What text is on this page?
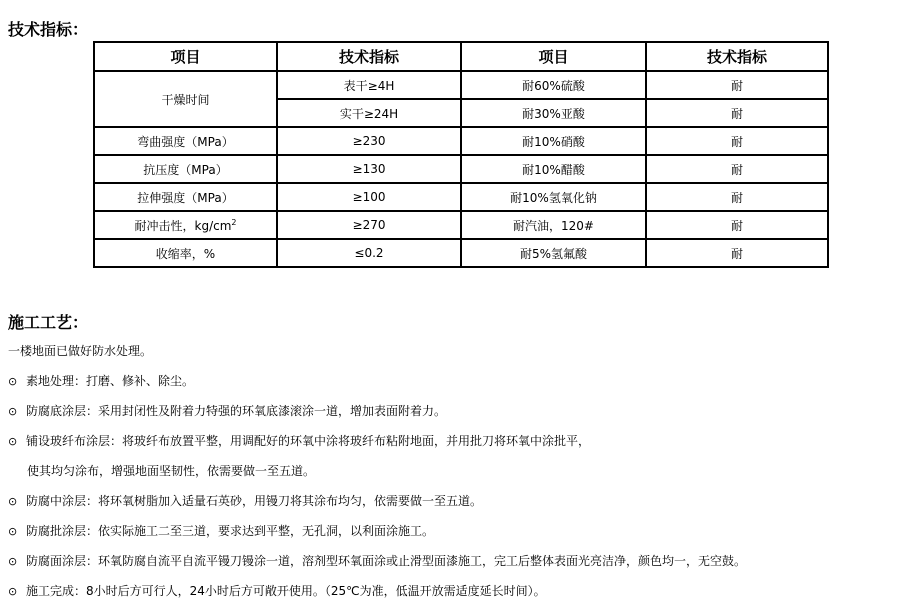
技术指标：
项目	技术指标	项目	技术指标
干燥时间	表干≥4H	耐60%硫酸	耐
	实干≥24H	耐30%亚酸	耐
弯曲强度（MPa）	≥230	耐10%硝酸	耐
抗压度（MPa）	≥130	耐10%醋酸	耐
拉伸强度（MPa）	≥100	耐10%氢氧化钠	耐
耐冲击性，$kg/cm^2$	≥270	耐汽油，120#	耐
收缩率，%	≤0.2	耐5%氢氟酸	耐
施工工艺：
一楼地面已做好防水处理。
⊙ 素地处理：打磨、修补、除尘。
⊙ 防腐底涂层：采用封闭性及附着力特强的环氧底漆滚涂一道，增加表面附着力。
⊙ 铺设玻纤布涂层：将玻纤布放置平整，用调配好的环氧中涂将玻纤布粘附地面，并用批刀将环氧中涂批平，
使其均匀涂布，增强地面坚韧性，依需要做一至五道。
⊙ 防腐中涂层：将环氧树脂加入适量石英砂，用镘刀将其涂布均匀，依需要做一至五道。
⊙ 防腐批涂层：依实际施工二至三道，要求达到平整，无孔洞，以利面涂施工。
⊙ 防腐面涂层：环氧防腐自流平自流平镘刀镘涂一道，溶剂型环氧面涂或止滑型面漆施工，完工后整体表面光亮洁净，颜色均一，无空鼓。
⊙ 施工完成：8小时后方可行人，24小时后方可敞开使用。（25℃为准，低温开放需适度延长时间）。
